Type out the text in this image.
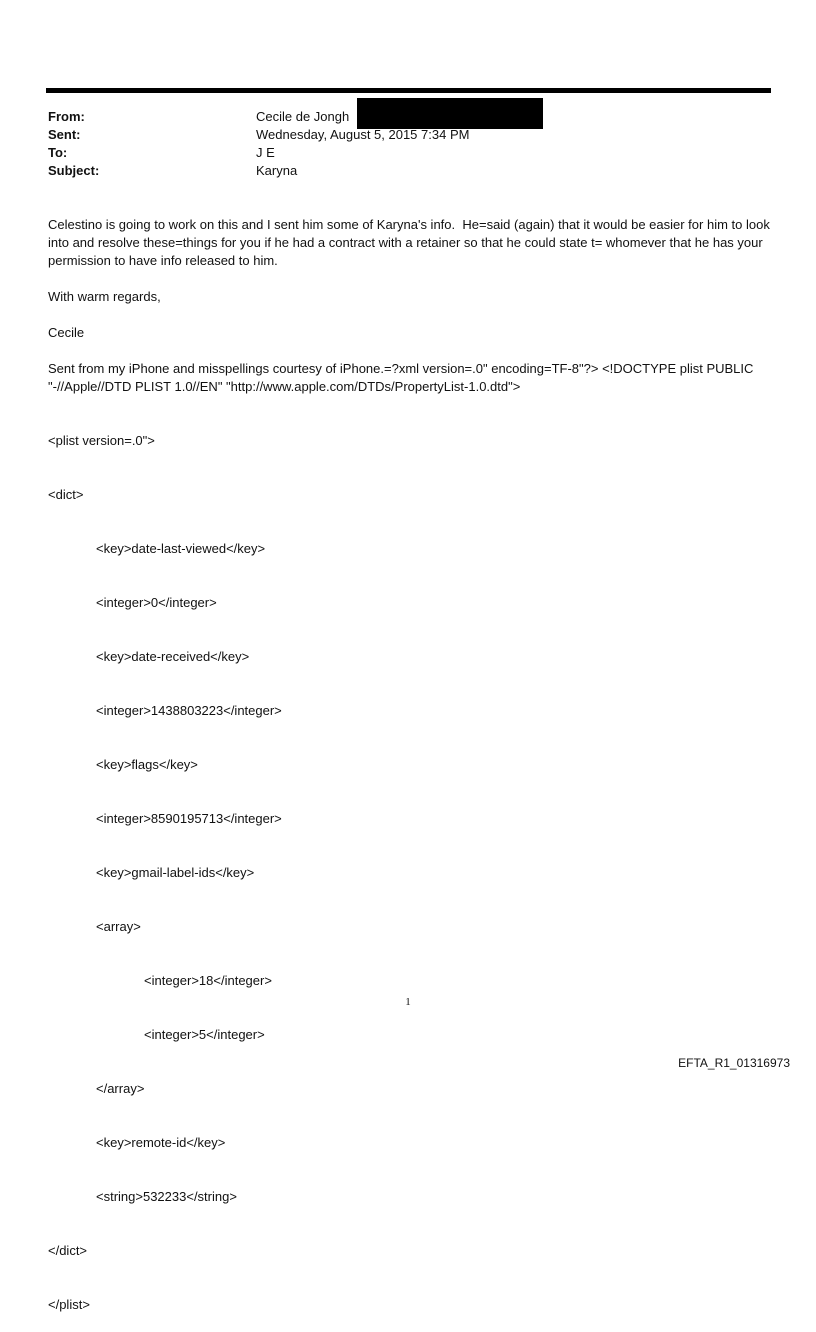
From:	Cecile de Jongh
Sent:	Wednesday, August 5, 2015 7:34 PM
To:	J E
Subject:	Karyna
Celestino is going to work on this and I sent him some of Karyna's info.  He=said (again) that it would be easier for him to look into and resolve these=things for you if he had a contract with a retainer so that he could state t= whomever that he has your permission to have info released to him.
With warm regards,
Cecile
Sent from my iPhone and misspellings courtesy of iPhone.=?xml version=.0" encoding=TF-8"?> <!DOCTYPE plist PUBLIC "-//Apple//DTD PLIST 1.0//EN" "http://www.apple.com/DTDs/PropertyList-1.0.dtd">

<plist version=.0">

<dict>

<key>date-last-viewed</key>

<integer>0</integer>

<key>date-received</key>

<integer>1438803223</integer>

<key>flags</key>

<integer>8590195713</integer>

<key>gmail-label-ids</key>

<array>

<integer>18</integer>

<integer>5</integer>

</array>

<key>remote-id</key>

<string>532233</string>

</dict>

</plist>

1
EFTA_R1_01316973
